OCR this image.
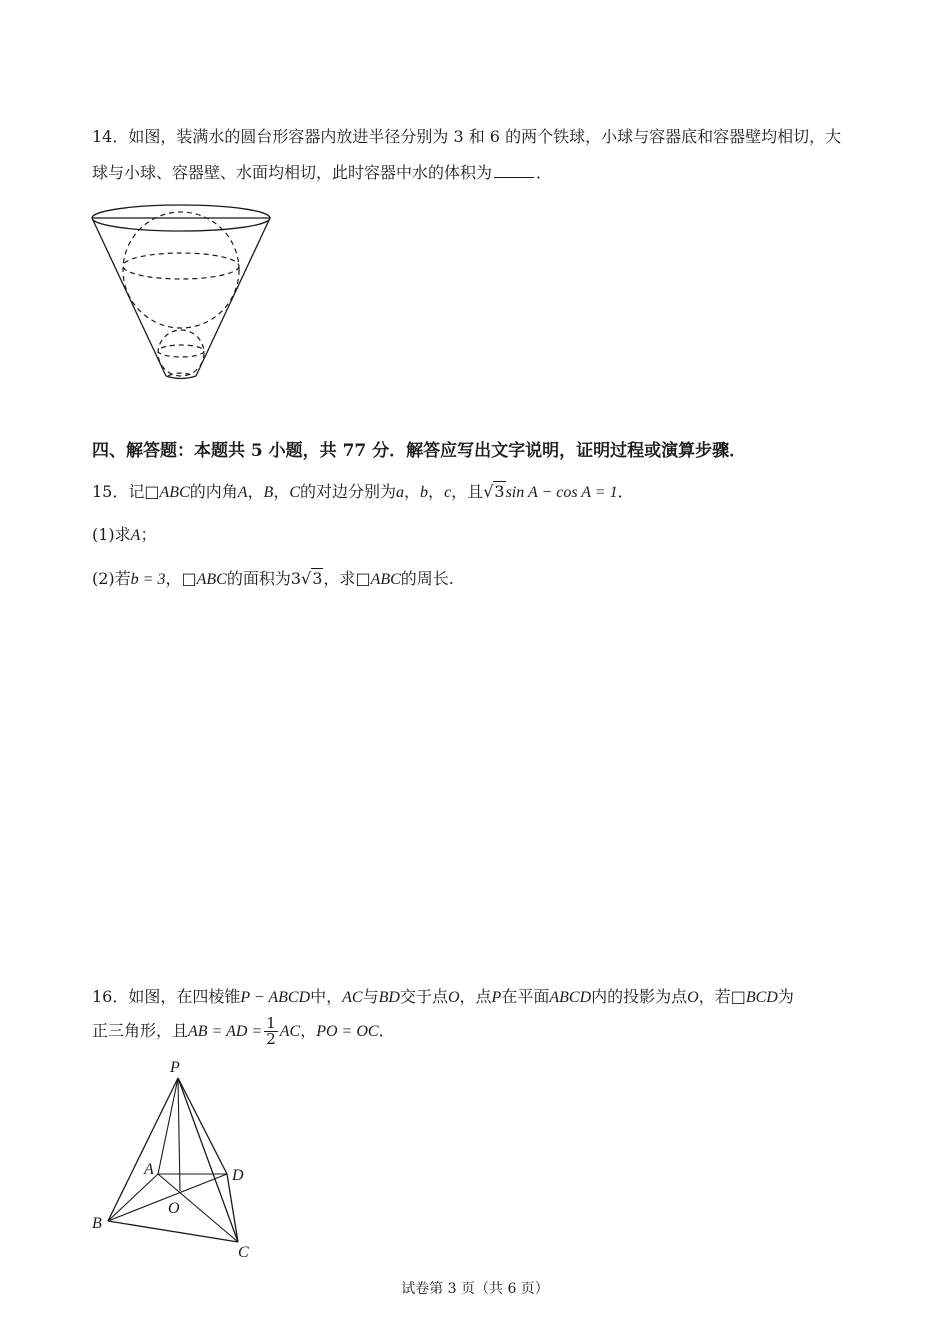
14．如图，装满水的圆台形容器内放进半径分别为 3 和 6 的两个铁球，小球与容器底和容器壁均相切，大
球与小球、容器壁、水面均相切，此时容器中水的体积为	．
四、解答题：本题共 5 小题，共 77 分．解答应写出文字说明，证明过程或演算步骤．
15．记□ABC的内角A，B，C的对边分别为a，b，c，且√3sin A − cos A = 1．
(1)求A；
(2)若b = 3，□ABC的面积为3√3，求□ABC的周长.
16．如图，在四棱锥P − ABCD中，AC与BD交于点O，点P在平面ABCD内的投影为点O，若□BCD为
正三角形，且AB = AD = $\frac{1}{2}$ AC，PO = OC．
P
A	D
O
B
C
试卷第 3 页（共 6 页）
